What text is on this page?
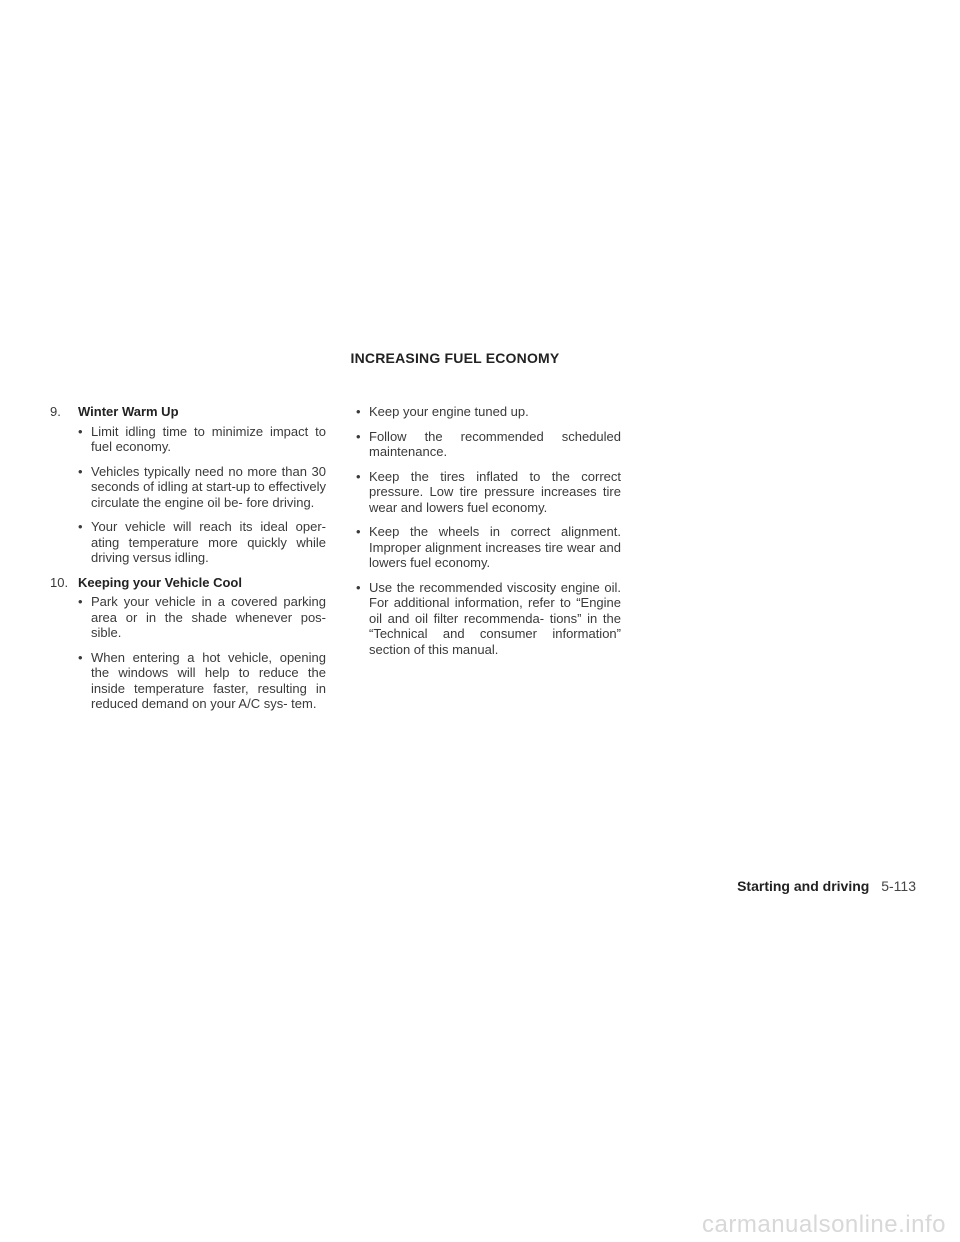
INCREASING FUEL ECONOMY
9.	Winter Warm Up
• Limit idling time to minimize impact to fuel economy.
• Vehicles typically need no more than 30 seconds of idling at start-up to effectively circulate the engine oil be- fore driving.
• Your vehicle will reach its ideal oper- ating temperature more quickly while driving versus idling.
10. Keeping your Vehicle Cool
• Park your vehicle in a covered parking area or in the shade whenever pos- sible.
• When entering a hot vehicle, opening the windows will help to reduce the inside temperature faster, resulting in reduced demand on your A/C sys- tem.
• Keep your engine tuned up.
• Follow the recommended scheduled maintenance.
• Keep the tires inflated to the correct pressure. Low tire pressure increases tire wear and lowers fuel economy.
• Keep the wheels in correct alignment. Improper alignment increases tire wear and lowers fuel economy.
• Use the recommended viscosity engine oil. For additional information, refer to “Engine oil and oil filter recommenda- tions” in the “Technical and consumer information” section of this manual.
Starting and driving 5-113
carmanualsonline.info
